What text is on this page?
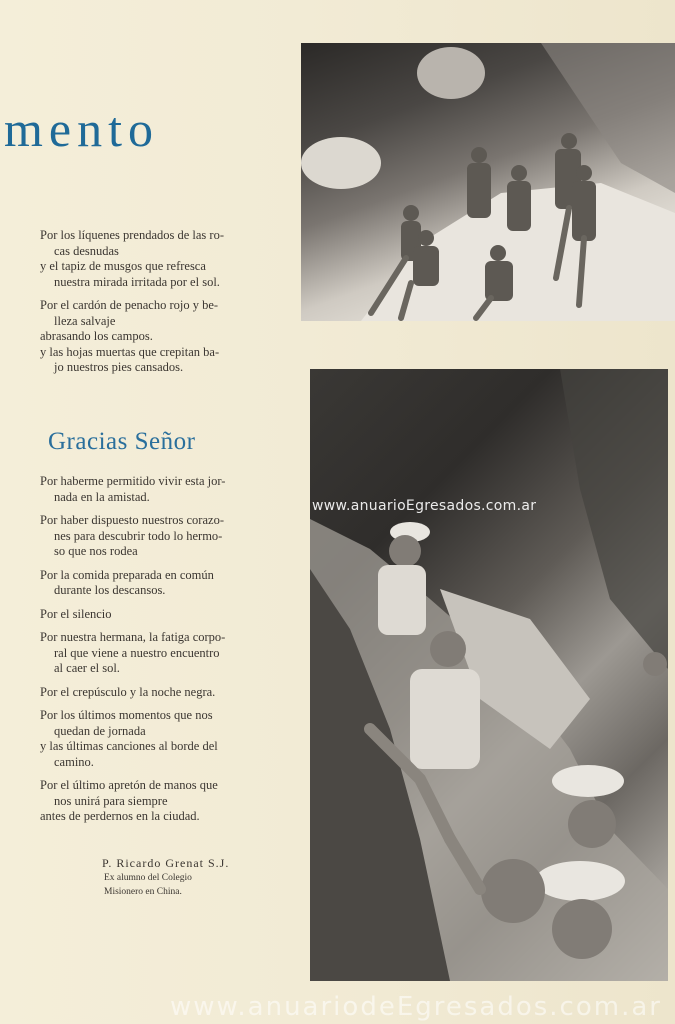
mento
Por los líquenes prendados de las ro-
cas desnudas
y el tapiz de musgos que refresca
nuestra mirada irritada por el sol.
Por el cardón de penacho rojo y be-
lleza salvaje
abrasando los campos.
y las hojas muertas que crepitan ba-
jo nuestros pies cansados.
Gracias Señor
Por haberme permitido vivir esta jor-
nada en la amistad.
Por haber dispuesto nuestros corazo-
nes para descubrir todo lo hermo-
so que nos rodea
Por la comida preparada en común
durante los descansos.
Por el silencio
Por nuestra hermana, la fatiga corpo-
ral que viene a nuestro encuentro
al caer el sol.
Por el crepúsculo y la noche negra.
Por los últimos momentos que nos
quedan de jornada
y las últimas canciones al borde del
camino.
Por el último apretón de manos que
nos unirá para siempre
antes de perdernos en la ciudad.
P. Ricardo Grenat S.J.
Ex alumno del Colegio
Misionero en China.
www.anuarioEgresados.com.ar
www.anuariodeEgresados.com.ar
